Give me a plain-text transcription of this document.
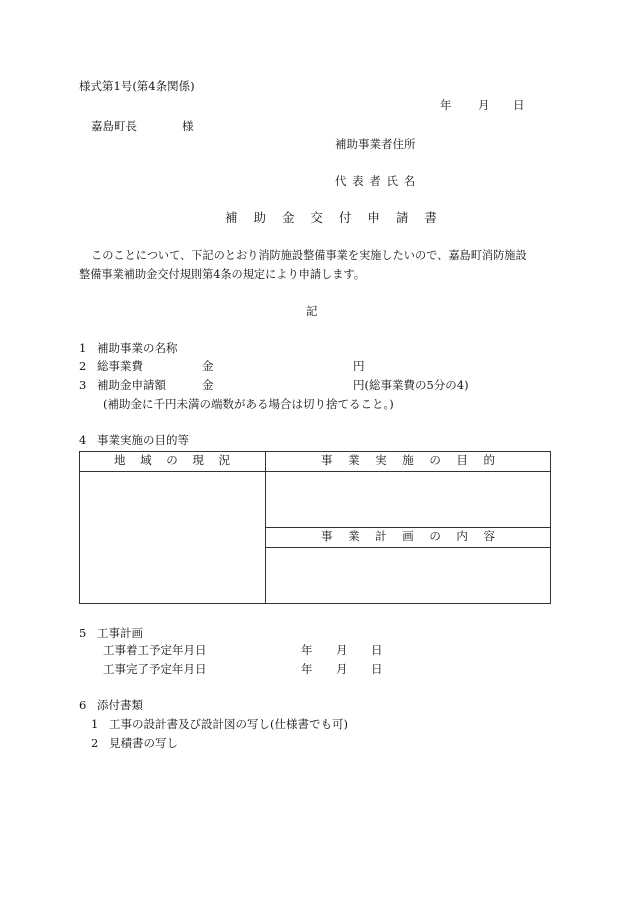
様式第1号(第4条関係)
年 月 日
嘉島町長	様
補助事業者住所
代 表 者 氏 名
補 助 金 交 付 申 請 書
このことについて、下記のとおり消防施設整備事業を実施したいので、嘉島町消防施設
整備事業補助金交付規則第4条の規定により申請します。
記
1 補助事業の名称
2 総事業費	金	円
3 補助金申請額	金	円(総事業費の5分の4)
(補助金に千円未満の端数がある場合は切り捨てること。)
4 事業実施の目的等
地 域 の 現 況	事 業 実 施 の 目 的
事 業 計 画 の 内 容
5 工事計画
工事着工予定年月日	年 月 日
工事完了予定年月日	年 月 日
6 添付書類
1 工事の設計書及び設計図の写し(仕様書でも可)
2 見積書の写し
